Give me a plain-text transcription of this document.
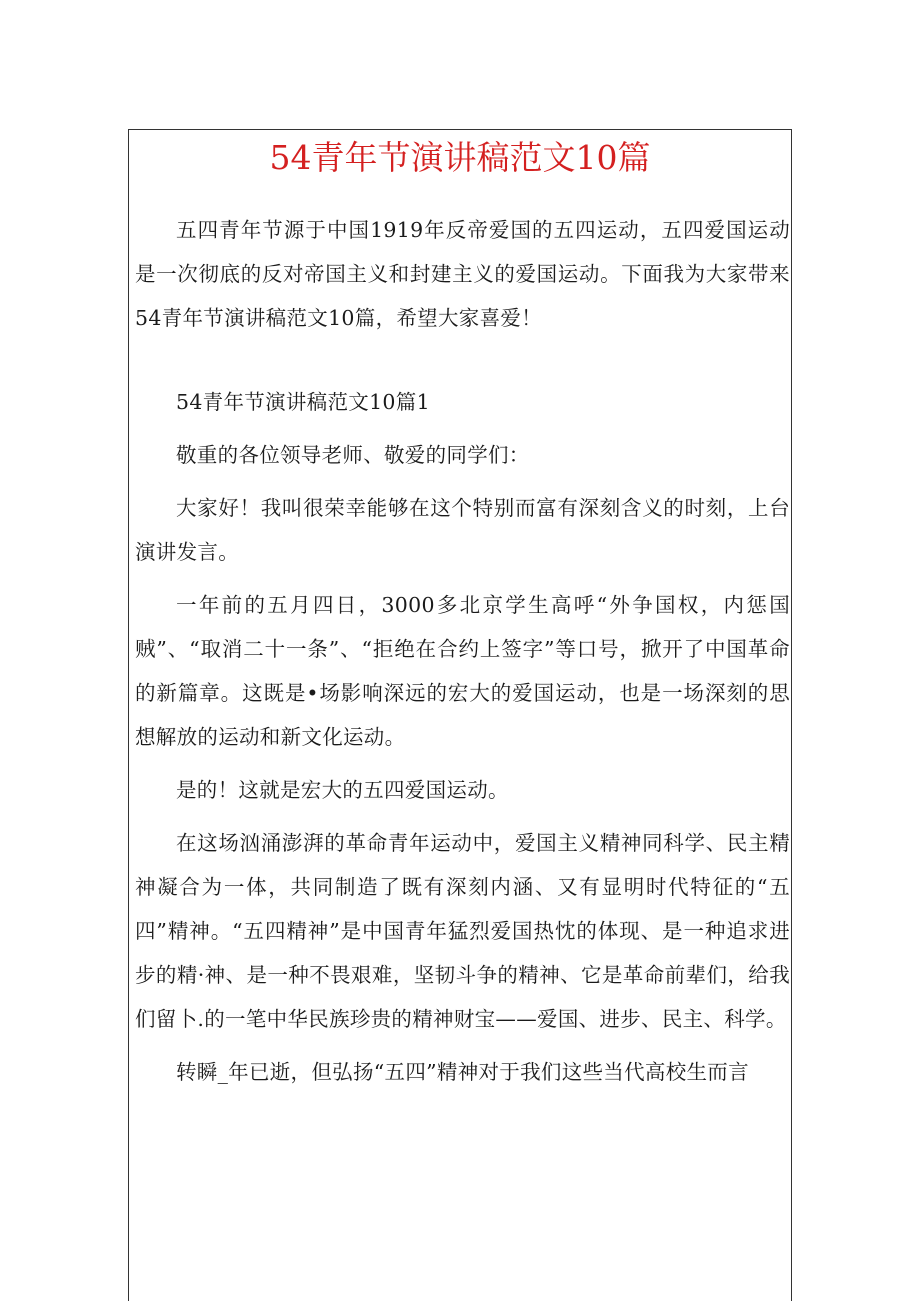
54青年节演讲稿范文10篇

五四青年节源于中国1919年反帝爱国的五四运动，五四爱国运动是一次彻底的反对帝国主义和封建主义的爱国运动。下面我为大家带来54青年节演讲稿范文10篇，希望大家喜爱！

54青年节演讲稿范文10篇1

敬重的各位领导老师、敬爱的同学们：

大家好！我叫很荣幸能够在这个特别而富有深刻含义的时刻，上台演讲发言。

一年前的五月四日，3000多北京学生高呼“外争国权，内惩国贼”、“取消二十一条”、“拒绝在合约上签字”等口号，掀开了中国革命的新篇章。这既是•场影响深远的宏大的爱国运动，也是一场深刻的思想解放的运动和新文化运动。

是的！这就是宏大的五四爱国运动。

在这场汹涌澎湃的革命青年运动中，爱国主义精神同科学、民主精神凝合为一体，共同制造了既有深刻内涵、又有显明时代特征的“五四”精神。“五四精神”是中国青年猛烈爱国热忱的体现、是一种追求进步的精·神、是一种不畏艰难，坚韧斗争的精神、它是革命前辈们，给我们留卜.的一笔中华民族珍贵的精神财宝——爱国、进步、民主、科学。

转瞬_年已逝，但弘扬“五四”精神对于我们这些当代高校生而言
